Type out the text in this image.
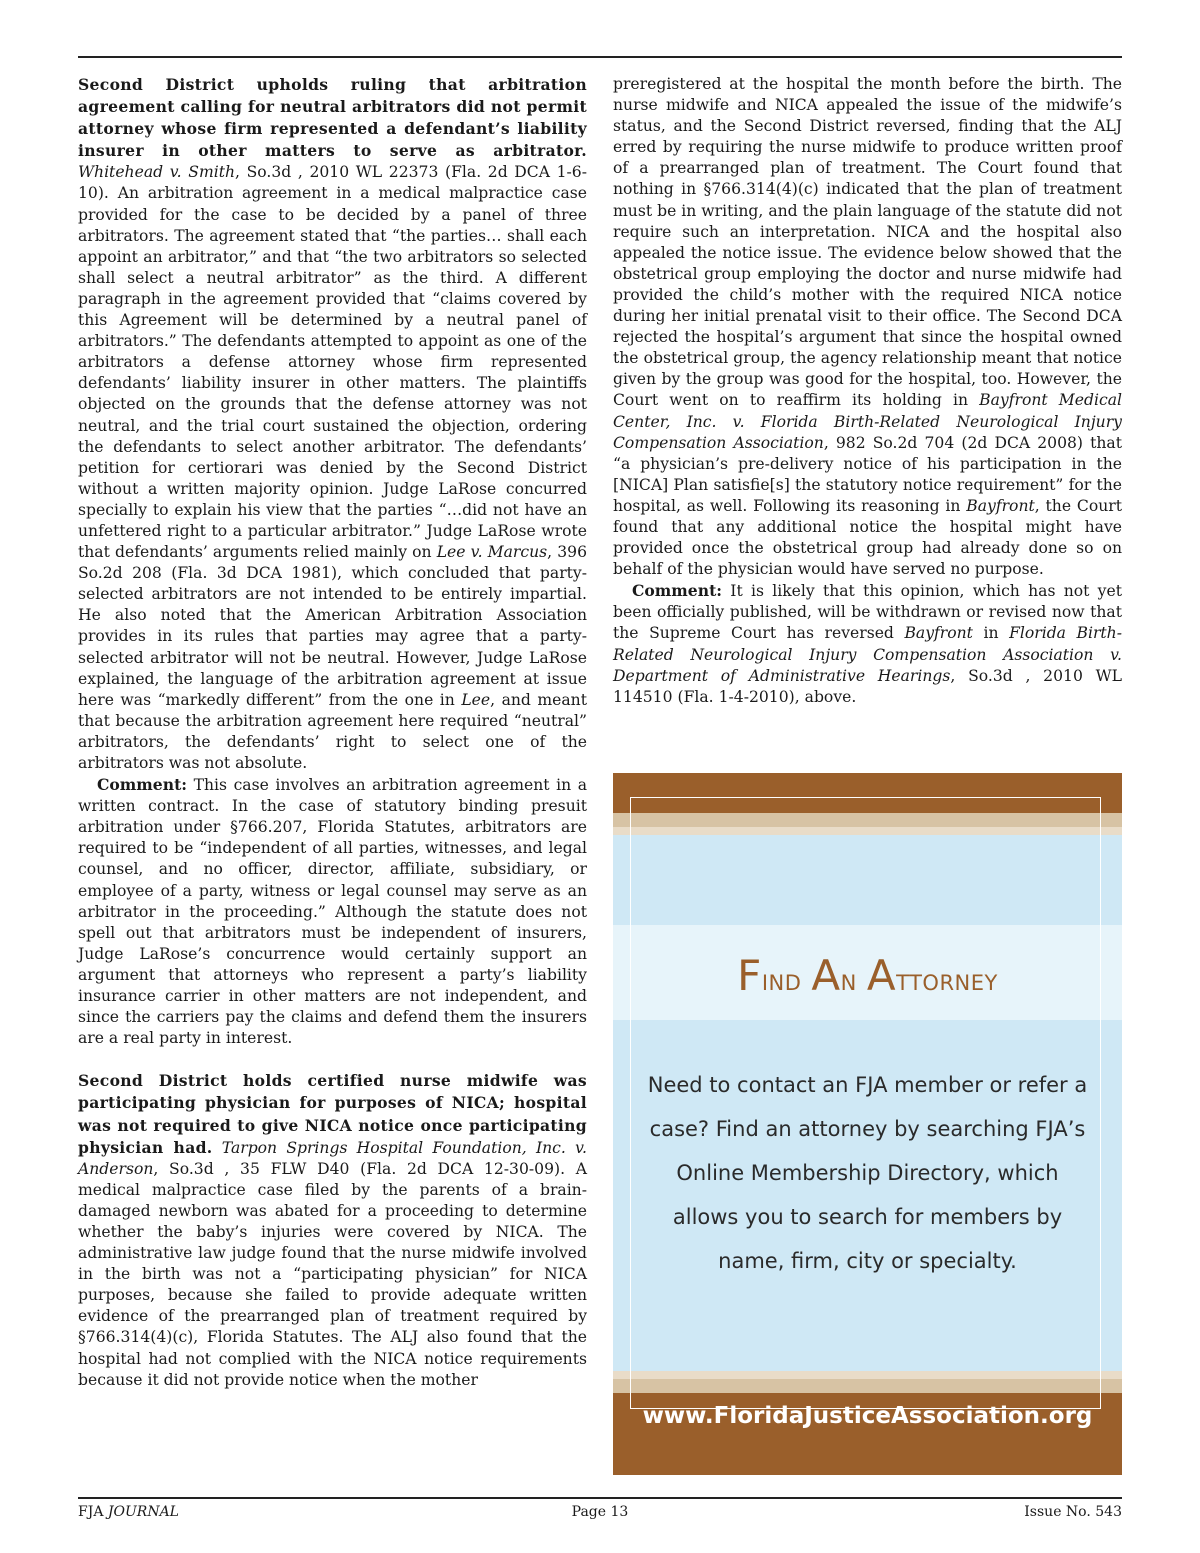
Second District upholds ruling that arbitration agreement calling for neutral arbitrators did not permit attorney whose firm represented a defendant’s liability insurer in other matters to serve as arbitrator. Whitehead v. Smith, So.3d , 2010 WL 22373 (Fla. 2d DCA 1-6-10). An arbitration agreement in a medical malpractice case provided for the case to be decided by a panel of three arbitrators. The agreement stated that “the parties… shall each appoint an arbitrator,” and that “the two arbitrators so selected shall select a neutral arbitrator” as the third. A different paragraph in the agreement provided that “claims covered by this Agreement will be determined by a neutral panel of arbitrators.” The defendants attempted to appoint as one of the arbitrators a defense attorney whose firm represented defendants’ liability insurer in other matters. The plaintiffs objected on the grounds that the defense attorney was not neutral, and the trial court sustained the objection, ordering the defendants to select another arbitrator. The defendants’ petition for certiorari was denied by the Second District without a written majority opinion. Judge LaRose concurred specially to explain his view that the parties “…did not have an unfettered right to a particular arbitrator.” Judge LaRose wrote that defendants’ arguments relied mainly on Lee v. Marcus, 396 So.2d 208 (Fla. 3d DCA 1981), which concluded that party-selected arbitrators are not intended to be entirely impartial. He also noted that the American Arbitration Association provides in its rules that parties may agree that a party-selected arbitrator will not be neutral. However, Judge LaRose explained, the language of the arbitration agreement at issue here was “markedly different” from the one in Lee, and meant that because the arbitration agreement here required “neutral” arbitrators, the defendants’ right to select one of the arbitrators was not absolute.

Comment: This case involves an arbitration agreement in a written contract. In the case of statutory binding presuit arbitration under §766.207, Florida Statutes, arbitrators are required to be “independent of all parties, witnesses, and legal counsel, and no officer, director, affiliate, subsidiary, or employee of a party, witness or legal counsel may serve as an arbitrator in the proceeding.” Although the statute does not spell out that arbitrators must be independent of insurers, Judge LaRose’s concurrence would certainly support an argument that attorneys who represent a party’s liability insurance carrier in other matters are not independent, and since the carriers pay the claims and defend them the insurers are a real party in interest.

Second District holds certified nurse midwife was participating physician for purposes of NICA; hospital was not required to give NICA notice once participating physician had. Tarpon Springs Hospital Foundation, Inc. v. Anderson, So.3d , 35 FLW D40 (Fla. 2d DCA 12-30-09). A medical malpractice case filed by the parents of a brain-damaged newborn was abated for a proceeding to determine whether the baby’s injuries were covered by NICA. The administrative law judge found that the nurse midwife involved in the birth was not a “participating physician” for NICA purposes, because she failed to provide adequate written evidence of the prearranged plan of treatment required by §766.314(4)(c), Florida Statutes. The ALJ also found that the hospital had not complied with the NICA notice requirements because it did not provide notice when the mother

preregistered at the hospital the month before the birth. The nurse midwife and NICA appealed the issue of the midwife’s status, and the Second District reversed, finding that the ALJ erred by requiring the nurse midwife to produce written proof of a prearranged plan of treatment. The Court found that nothing in §766.314(4)(c) indicated that the plan of treatment must be in writing, and the plain language of the statute did not require such an interpretation. NICA and the hospital also appealed the notice issue. The evidence below showed that the obstetrical group employing the doctor and nurse midwife had provided the child’s mother with the required NICA notice during her initial prenatal visit to their office. The Second DCA rejected the hospital’s argument that since the hospital owned the obstetrical group, the agency relationship meant that notice given by the group was good for the hospital, too. However, the Court went on to reaffirm its holding in Bayfront Medical Center, Inc. v. Florida Birth-Related Neurological Injury Compensation Association, 982 So.2d 704 (2d DCA 2008) that “a physician’s pre-delivery notice of his participation in the [NICA] Plan satisfie[s] the statutory notice requirement” for the hospital, as well. Following its reasoning in Bayfront, the Court found that any additional notice the hospital might have provided once the obstetrical group had already done so on behalf of the physician would have served no purpose.

Comment: It is likely that this opinion, which has not yet been officially published, will be withdrawn or revised now that the Supreme Court has reversed Bayfront in Florida Birth-Related Neurological Injury Compensation Association v. Department of Administrative Hearings, So.3d , 2010 WL 114510 (Fla. 1-4-2010), above.

Find An Attorney
Need to contact an FJA member or refer a case? Find an attorney by searching FJA’s Online Membership Directory, which allows you to search for members by name, firm, city or specialty.
www.FloridaJusticeAssociation.org
FJA JOURNAL	Page 13	Issue No. 543
